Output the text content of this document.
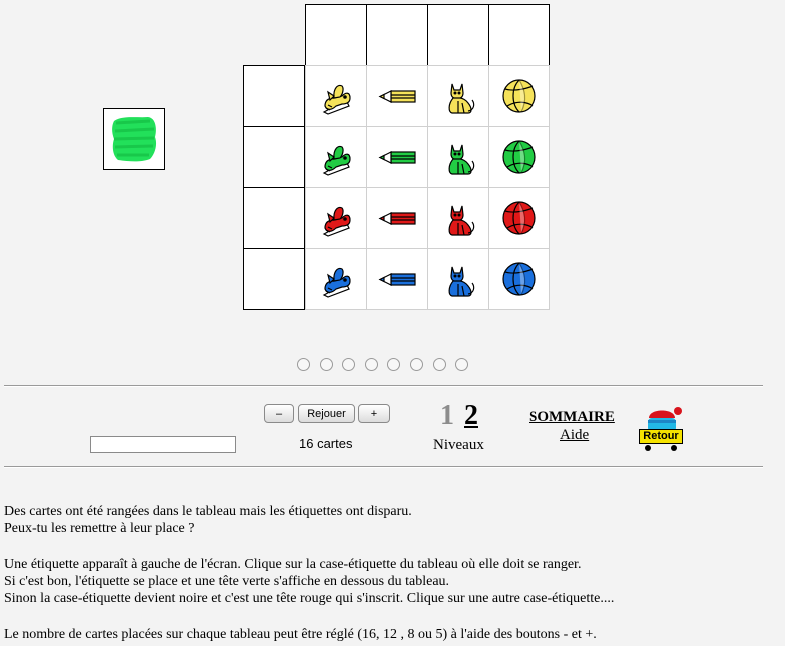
–	Rejouer	+
16 cartes
1 2
Niveaux
SOMMAIRE
Aide	Retour
Des cartes ont été rangées dans le tableau mais les étiquettes ont disparu.
Peux-tu les remettre à leur place ?
Une étiquette apparaît à gauche de l'écran. Clique sur la case-étiquette du tableau où elle doit se ranger.
Si c'est bon, l'étiquette se place et une tête verte s'affiche en dessous du tableau.
Sinon la case-étiquette devient noire et c'est une tête rouge qui s'inscrit. Clique sur une autre case-étiquette....
Le nombre de cartes placées sur chaque tableau peut être réglé (16, 12 , 8 ou 5) à l'aide des boutons - et +.
